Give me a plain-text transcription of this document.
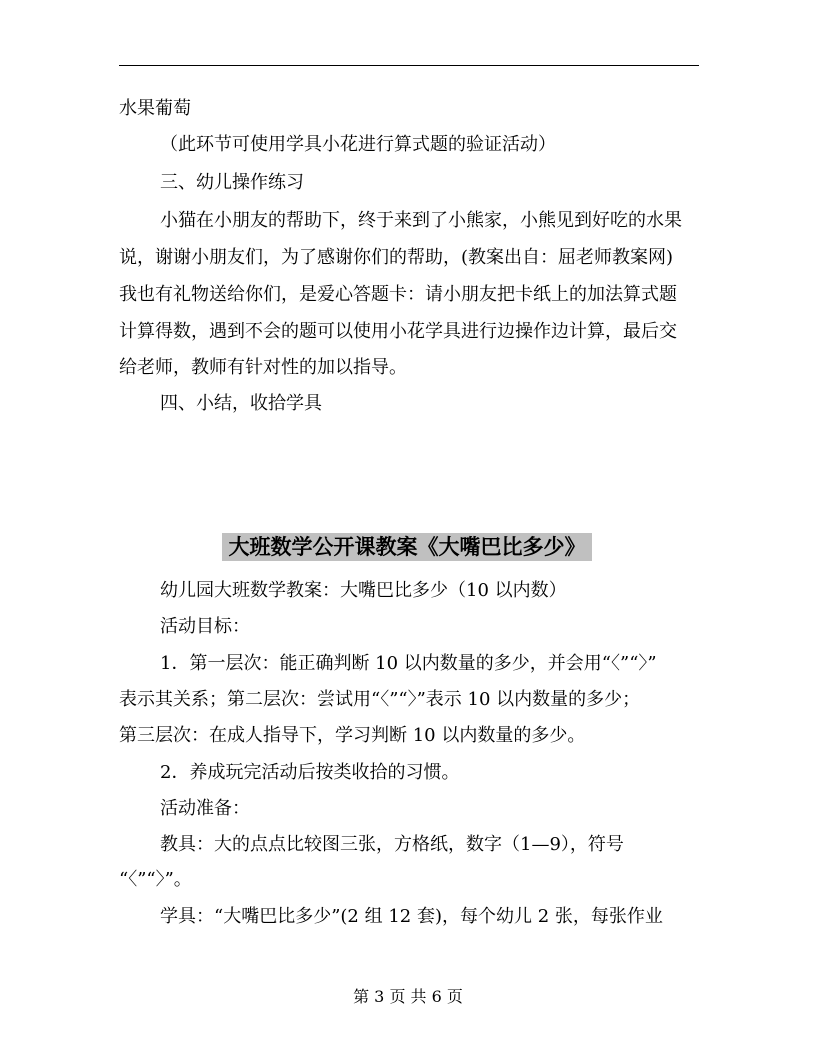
水果葡萄
（此环节可使用学具小花进行算式题的验证活动）
三、幼儿操作练习
小猫在小朋友的帮助下，终于来到了小熊家，小熊见到好吃的水果
说，谢谢小朋友们，为了感谢你们的帮助，(教案出自：屈老师教案网)
我也有礼物送给你们，是爱心答题卡：请小朋友把卡纸上的加法算式题
计算得数，遇到不会的题可以使用小花学具进行边操作边计算，最后交
给老师，教师有针对性的加以指导。
四、小结，收拾学具
大班数学公开课教案《大嘴巴比多少》
幼儿园大班数学教案：大嘴巴比多少（10 以内数）
活动目标：
1．第一层次：能正确判断 10 以内数量的多少，并会用“〈”“〉”
表示其关系；第二层次：尝试用“〈”“〉”表示 10 以内数量的多少；
第三层次：在成人指导下，学习判断 10 以内数量的多少。
2．养成玩完活动后按类收拾的习惯。
活动准备：
教具：大的点点比较图三张，方格纸，数字（1—9），符号
“〈”“〉”。
学具：“大嘴巴比多少”(2 组 12 套)，每个幼儿 2 张，每张作业
第 3 页 共 6 页
